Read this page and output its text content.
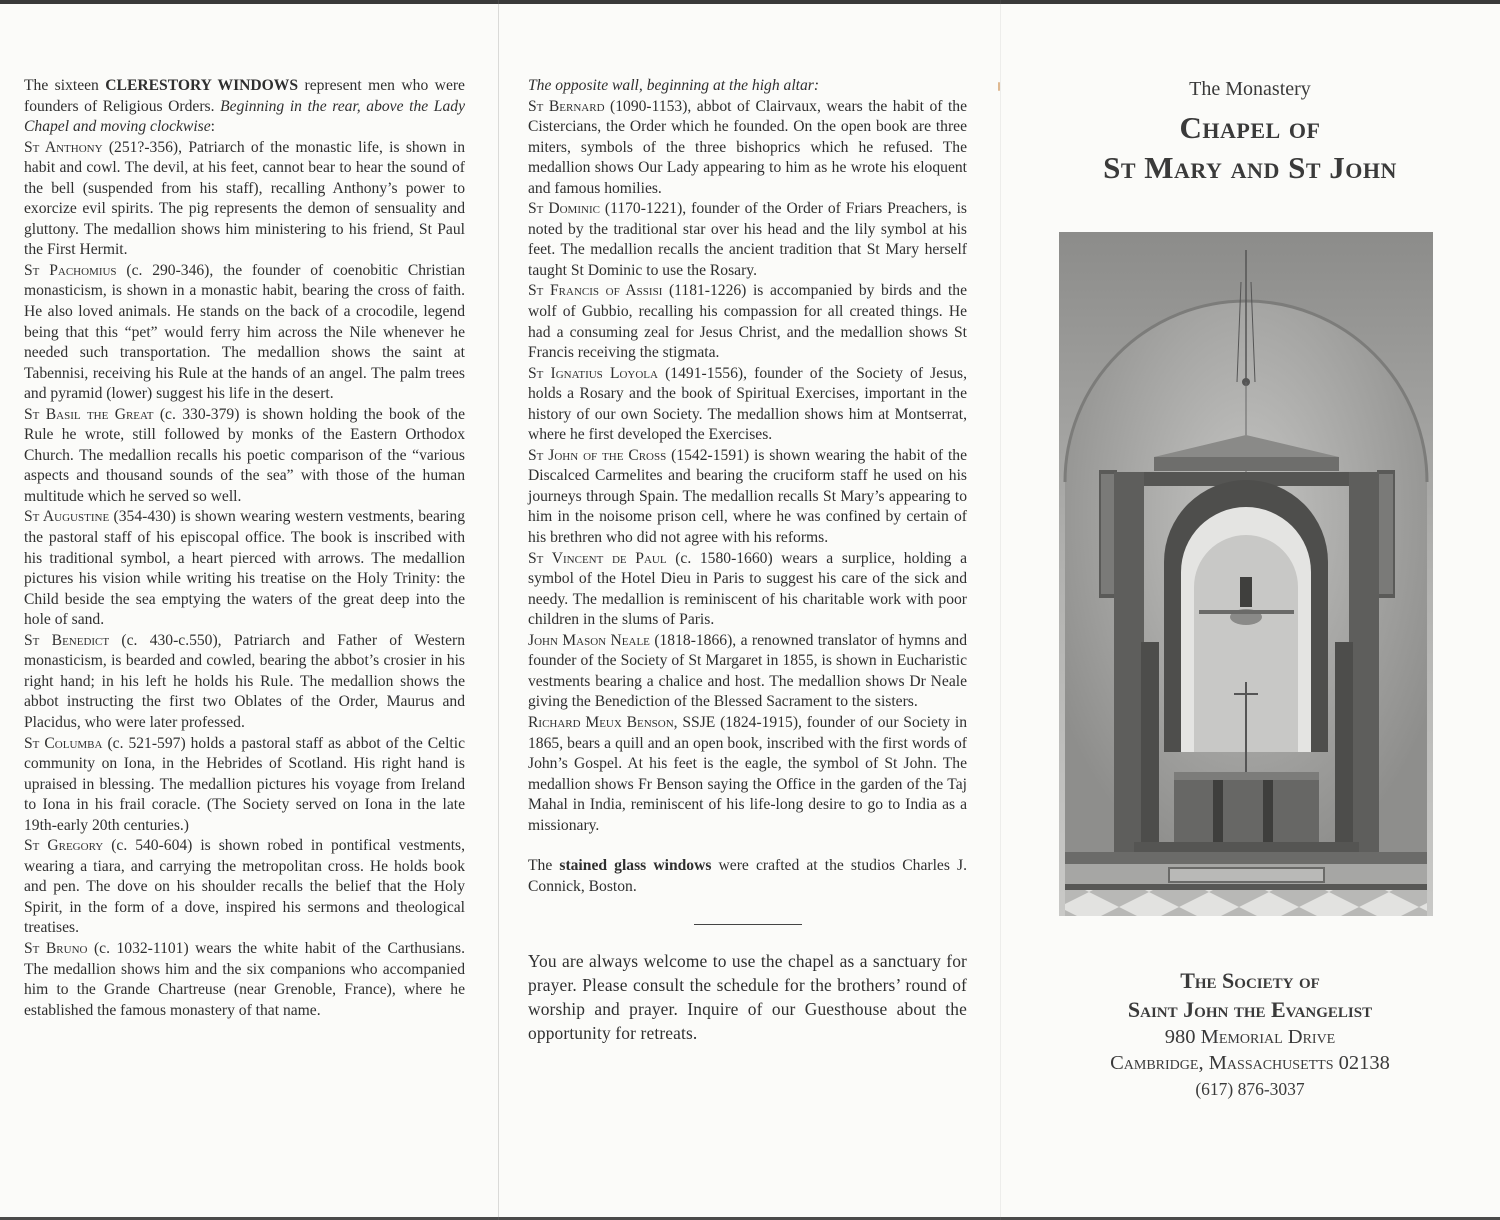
The sixteen CLERESTORY WINDOWS represent men who were founders of Religious Orders. Beginning in the rear, above the Lady Chapel and moving clockwise:

St Anthony (251?-356), Patriarch of the monastic life, is shown in habit and cowl. The devil, at his feet, cannot bear to hear the sound of the bell (suspended from his staff), recalling Anthony’s power to exorcize evil spirits. The pig represents the demon of sensuality and gluttony. The medallion shows him ministering to his friend, St Paul the First Hermit.

St Pachomius (c. 290-346), the founder of coenobitic Christian monasticism, is shown in a monastic habit, bearing the cross of faith. He also loved animals. He stands on the back of a crocodile, legend being that this “pet” would ferry him across the Nile whenever he needed such transportation. The medallion shows the saint at Tabennisi, receiving his Rule at the hands of an angel. The palm trees and pyramid (lower) suggest his life in the desert.

St Basil the Great (c. 330-379) is shown holding the book of the Rule he wrote, still followed by monks of the Eastern Orthodox Church. The medallion recalls his poetic comparison of the “various aspects and thousand sounds of the sea” with those of the human multitude which he served so well.

St Augustine (354-430) is shown wearing western vestments, bearing the pastoral staff of his episcopal office. The book is inscribed with his traditional symbol, a heart pierced with arrows. The medallion pictures his vision while writing his treatise on the Holy Trinity: the Child beside the sea emptying the waters of the great deep into the hole of sand.

St Benedict (c. 430-c.550), Patriarch and Father of Western monasticism, is bearded and cowled, bearing the abbot’s crosier in his right hand; in his left he holds his Rule. The medallion shows the abbot instructing the first two Oblates of the Order, Maurus and Placidus, who were later professed.

St Columba (c. 521-597) holds a pastoral staff as abbot of the Celtic community on Iona, in the Hebrides of Scotland. His right hand is upraised in blessing. The medallion pictures his voyage from Ireland to Iona in his frail coracle. (The Society served on Iona in the late 19th-early 20th centuries.)

St Gregory (c. 540-604) is shown robed in pontifical vestments, wearing a tiara, and carrying the metropolitan cross. He holds book and pen. The dove on his shoulder recalls the belief that the Holy Spirit, in the form of a dove, inspired his sermons and theological treatises.

St Bruno (c. 1032-1101) wears the white habit of the Carthusians. The medallion shows him and the six companions who accompanied him to the Grande Chartreuse (near Grenoble, France), where he established the famous monastery of that name.

The opposite wall, beginning at the high altar:

St Bernard (1090-1153), abbot of Clairvaux, wears the habit of the Cistercians, the Order which he founded. On the open book are three miters, symbols of the three bishoprics which he refused. The medallion shows Our Lady appearing to him as he wrote his eloquent and famous homilies.

St Dominic (1170-1221), founder of the Order of Friars Preachers, is noted by the traditional star over his head and the lily symbol at his feet. The medallion recalls the ancient tradition that St Mary herself taught St Dominic to use the Rosary.

St Francis of Assisi (1181-1226) is accompanied by birds and the wolf of Gubbio, recalling his compassion for all created things. He had a consuming zeal for Jesus Christ, and the medallion shows St Francis receiving the stigmata.

St Ignatius Loyola (1491-1556), founder of the Society of Jesus, holds a Rosary and the book of Spiritual Exercises, important in the history of our own Society. The medallion shows him at Montserrat, where he first developed the Exercises.

St John of the Cross (1542-1591) is shown wearing the habit of the Discalced Carmelites and bearing the cruciform staff he used on his journeys through Spain. The medallion recalls St Mary’s appearing to him in the noisome prison cell, where he was confined by certain of his brethren who did not agree with his reforms.

St Vincent de Paul (c. 1580-1660) wears a surplice, holding a symbol of the Hotel Dieu in Paris to suggest his care of the sick and needy. The medallion is reminiscent of his charitable work with poor children in the slums of Paris.

John Mason Neale (1818-1866), a renowned translator of hymns and founder of the Society of St Margaret in 1855, is shown in Eucharistic vestments bearing a chalice and host. The medallion shows Dr Neale giving the Benediction of the Blessed Sacrament to the sisters.

Richard Meux Benson, SSJE (1824-1915), founder of our Society in 1865, bears a quill and an open book, inscribed with the first words of John’s Gospel. At his feet is the eagle, the symbol of St John. The medallion shows Fr Benson saying the Office in the garden of the Taj Mahal in India, reminiscent of his life-long desire to go to India as a missionary.

The stained glass windows were crafted at the studios Charles J. Connick, Boston.

You are always welcome to use the chapel as a sanctuary for prayer. Please consult the schedule for the brothers’ round of worship and prayer. Inquire of our Guesthouse about the opportunity for retreats.

The Monastery
Chapel of
St Mary and St John
The Society of
Saint John the Evangelist
980 Memorial Drive
Cambridge, Massachusetts 02138
(617) 876-3037
